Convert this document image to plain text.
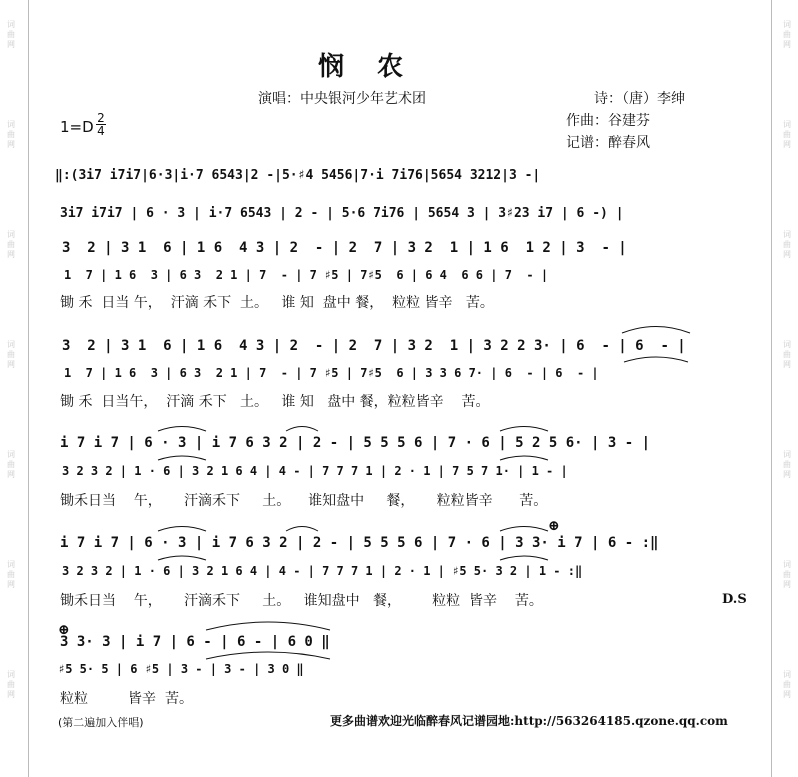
词曲网
词曲网
词曲网
词曲网
词曲网
词曲网
词曲网
词曲网
词曲网
词曲网
词曲网
词曲网
词曲网
词曲网
悯 农
演唱：中央银河少年艺术团	诗：（唐）李绅
作曲：谷建芬
记谱：醉春风
1=D 2
4
‖:(3i7 i7i7|6·3|i·7 6543|2 -|5·♯4 5456|7·i 7i76|5654 3212|3 -|
3i7 i7i7 | 6 · 3 | i·7 6543 | 2 - | 5·6 7i76 | 5654 3 | 3♯23 i7 | 6 -) |
3  2 | 3 1  6 | 1 6  4 3 | 2  - | 2  7 | 3 2  1 | 1 6  1 2 | 3  - |
1  7 | 1 6  3 | 6 3  2 1 | 7  - | 7 ♯5 | 7♯5  6 | 6 4  6 6 | 7  - |
锄 禾  日当 午，  汗滴 禾下  土。   谁 知  盘中 餐，  粒粒 皆辛   苦。
3  2 | 3 1  6 | 1 6  4 3 | 2  - | 2  7 | 3 2  1 | 3 2 2 3· | 6  - | 6  - |
1  7 | 1 6  3 | 6 3  2 1 | 7  - | 7 ♯5 | 7♯5  6 | 3 3 6 7· | 6  - | 6  - |
锄 禾  日当午，  汗滴 禾下   土。   谁 知   盘中 餐，粒粒皆辛    苦。
i 7 i 7 | 6 · 3 | i 7 6 3 2 | 2 - | 5 5 5 6 | 7 · 6 | 5 2 5 6· | 3 - |
3 2 3 2 | 1 · 6 | 3 2 1 6 4 | 4 - | 7 7 7 1 | 2 · 1 | 7 5 7 1· | 1 - |
锄禾日当    午，     汗滴禾下     土。    谁知盘中     餐，     粒粒皆辛      苦。
i 7 i 7 | 6 · 3 | i 7 6 3 2 | 2 - | 5 5 5 6 | 7 · 6 | 3 3· i 7 | 6 - :‖
3 2 3 2 | 1 · 6 | 3 2 1 6 4 | 4 - | 7 7 7 1 | 2 · 1 | ♯5 5· 3 2 | 1 - :‖
锄禾日当    午，     汗滴禾下     土。   谁知盘中   餐，       粒粒  皆辛    苦。	D.S
⊕
⊕
3 3· 3 | i 7 | 6 - | 6 - | 6 0 ‖
♯5 5· 5 | 6 ♯5 | 3 - | 3 - | 3 0 ‖
粒粒         皆辛  苦。
(第二遍加入伴唱)	更多曲谱欢迎光临醉春风记谱园地:http://563264185.qzone.qq.com
